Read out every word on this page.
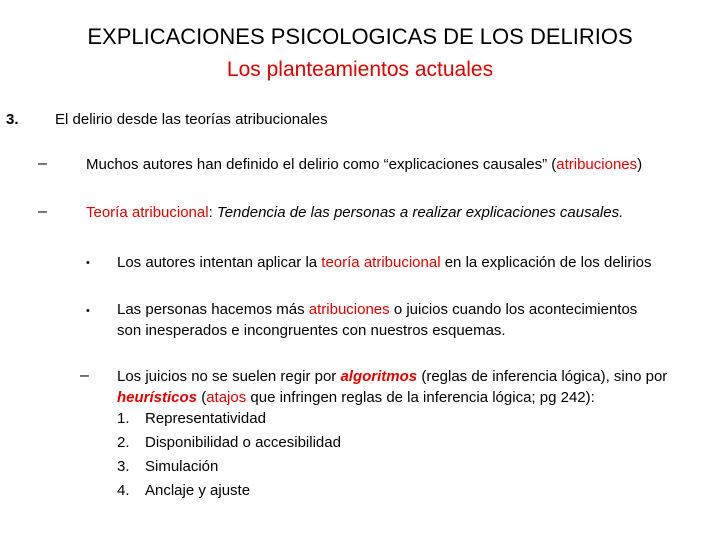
EXPLICACIONES PSICOLOGICAS DE LOS DELIRIOS
Los planteamientos actuales
3. El delirio desde las teorías atribucionales
–	Muchos autores han definido el delirio como “explicaciones causales” (atribuciones)
–	Teoría atribucional: Tendencia de las personas a realizar explicaciones causales.
• Los autores intentan aplicar la teoría atribucional en la explicación de los delirios
• Las personas hacemos más atribuciones o juicios cuando los acontecimientos
son inesperados e incongruentes con nuestros esquemas.
– Los juicios no se suelen regir por algoritmos (reglas de inferencia lógica), sino por
heurísticos (atajos que infringen reglas de la inferencia lógica; pg 242):
1. Representatividad
2. Disponibilidad o accesibilidad
3. Simulación
4. Anclaje y ajuste
